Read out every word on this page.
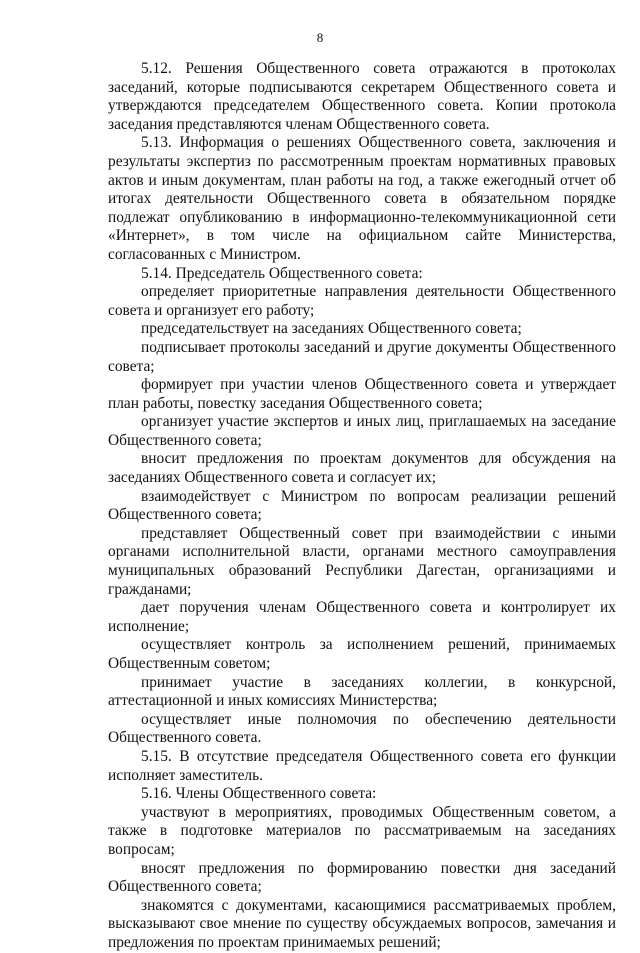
8

5.12. Решения Общественного совета отражаются в протоколах заседаний, которые подписываются секретарем Общественного совета и утверждаются председателем Общественного совета. Копии протокола заседания представляются членам Общественного совета.

5.13. Информация о решениях Общественного совета, заключения и результаты экспертиз по рассмотренным проектам нормативных правовых актов и иным документам, план работы на год, а также ежегодный отчет об итогах деятельности Общественного совета в обязательном порядке подлежат опубликованию в информационно-телекоммуникационной сети «Интернет», в том числе на официальном сайте Министерства, согласованных с Министром.

5.14. Председатель Общественного совета:

определяет приоритетные направления деятельности Общественного совета и организует его работу;

председательствует на заседаниях Общественного совета;

подписывает протоколы заседаний и другие документы Общественного совета;

формирует при участии членов Общественного совета и утверждает план работы, повестку заседания Общественного совета;

организует участие экспертов и иных лиц, приглашаемых на заседание Общественного совета;

вносит предложения по проектам документов для обсуждения на заседаниях Общественного совета и согласует их;

взаимодействует с Министром по вопросам реализации решений Общественного совета;

представляет Общественный совет при взаимодействии с иными органами исполнительной власти, органами местного самоуправления муниципальных образований Республики Дагестан, организациями и гражданами;

дает поручения членам Общественного совета и контролирует их исполнение;

осуществляет контроль за исполнением решений, принимаемых Общественным советом;

принимает участие в заседаниях коллегии, в конкурсной, аттестационной и иных комиссиях Министерства;

осуществляет иные полномочия по обеспечению деятельности Общественного совета.

5.15. В отсутствие председателя Общественного совета его функции исполняет заместитель.

5.16. Члены Общественного совета:

участвуют в мероприятиях, проводимых Общественным советом, а также в подготовке материалов по рассматриваемым на заседаниях вопросам;

вносят предложения по формированию повестки дня заседаний Общественного совета;

знакомятся с документами, касающимися рассматриваемых проблем, высказывают свое мнение по существу обсуждаемых вопросов, замечания и предложения по проектам принимаемых решений;
